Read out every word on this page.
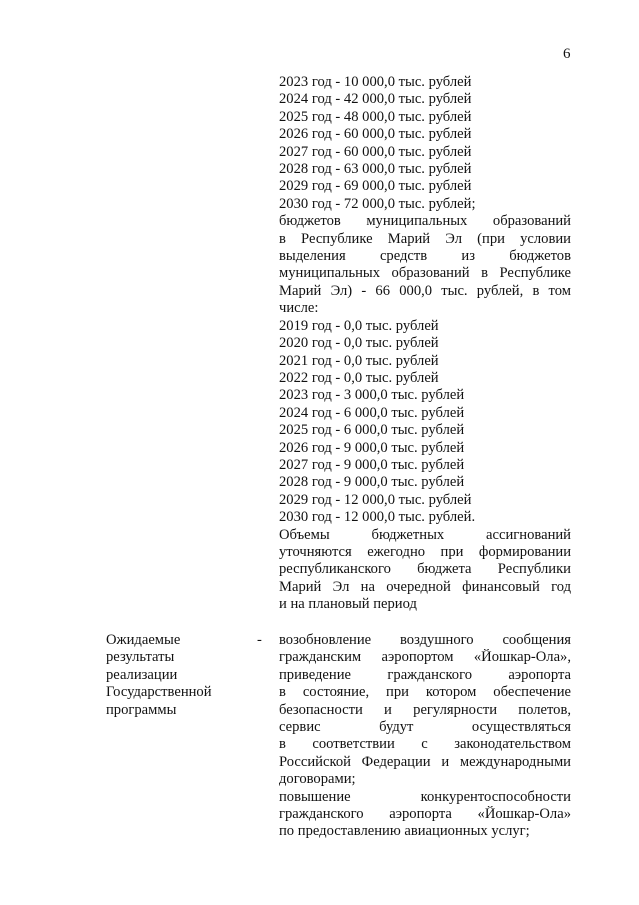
6
2023 год - 10 000,0 тыс. рублей
2024 год - 42 000,0 тыс. рублей
2025 год - 48 000,0 тыс. рублей
2026 год - 60 000,0 тыс. рублей
2027 год - 60 000,0 тыс. рублей
2028 год - 63 000,0 тыс. рублей
2029 год - 69 000,0 тыс. рублей
2030 год - 72 000,0 тыс. рублей;
бюджетов муниципальных образований
в Республике Марий Эл (при условии
выделения средств из бюджетов
муниципальных образований в Республике
Марий Эл) - 66 000,0 тыс. рублей, в том
числе:
2019 год - 0,0 тыс. рублей
2020 год - 0,0 тыс. рублей
2021 год - 0,0 тыс. рублей
2022 год - 0,0 тыс. рублей
2023 год - 3 000,0 тыс. рублей
2024 год - 6 000,0 тыс. рублей
2025 год - 6 000,0 тыс. рублей
2026 год - 9 000,0 тыс. рублей
2027 год - 9 000,0 тыс. рублей
2028 год - 9 000,0 тыс. рублей
2029 год - 12 000,0 тыс. рублей
2030 год - 12 000,0 тыс. рублей.
Объемы бюджетных ассигнований
уточняются ежегодно при формировании
республиканского бюджета Республики
Марий Эл на очередной финансовый год
и на плановый период
Ожидаемые
результаты
реализации
Государственной
программы
- возобновление воздушного сообщения
гражданским аэропортом «Йошкар-Ола»,
приведение гражданского аэропорта
в состояние, при котором обеспечение
безопасности и регулярности полетов,
сервис будут осуществляться
в соответствии с законодательством
Российской Федерации и международными
договорами;
повышение конкурентоспособности
гражданского аэропорта «Йошкар-Ола»
по предоставлению авиационных услуг;
